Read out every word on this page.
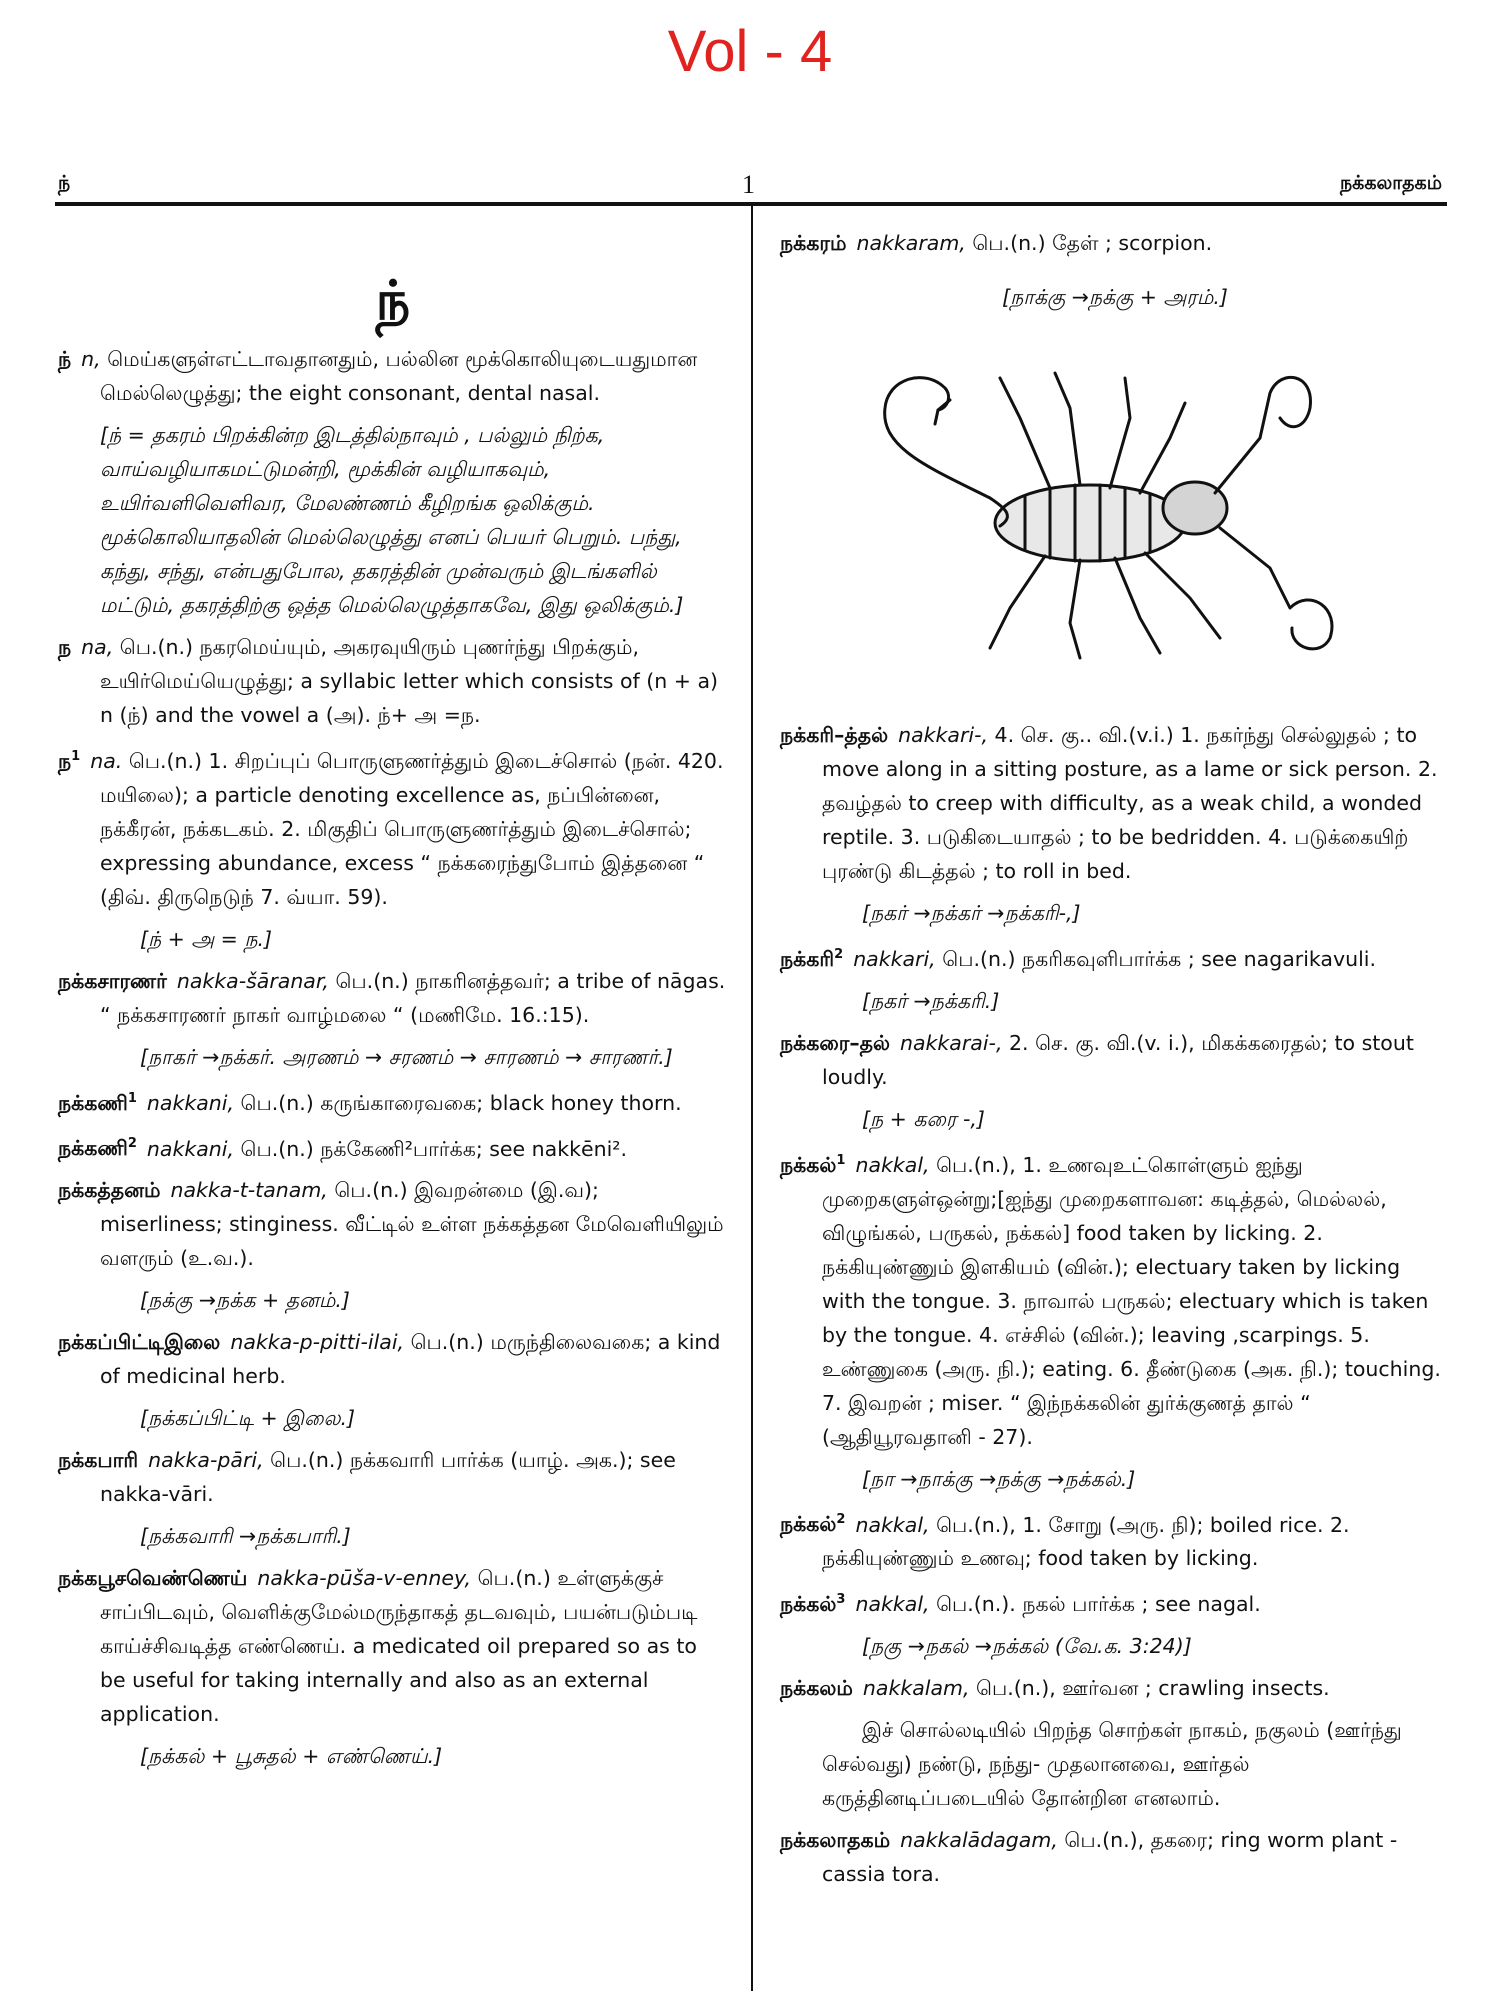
Vol - 4
ந்	1	நக்கலாதகம்
ந்
ந் n, மெய்களுள்எட்டாவதானதும், பல்லின மூக்கொலியுடையதுமான மெல்லெழுத்து; the eight consonant, dental nasal.
[ந் = தகரம் பிறக்கின்ற இடத்தில்நாவும் , பல்லும் நிற்க, வாய்வழியாகமட்டுமன்றி, மூக்கின் வழியாகவும், உயிர்வளிவெளிவர, மேலண்ணம் கீழிறங்க ஒலிக்கும். மூக்கொலியாதலின் மெல்லெழுத்து எனப் பெயர் பெறும். பந்து, கந்து, சந்து, என்பதுபோல, தகரத்தின் முன்வரும் இடங்களில் மட்டும், தகரத்திற்கு ஒத்த மெல்லெழுத்தாகவே, இது ஒலிக்கும்.]
ந na, பெ.(n.) நகரமெய்யும், அகரவுயிரும் புணர்ந்து பிறக்கும், உயிர்மெய்யெழுத்து; a syllabic letter which consists of (n + a) n (ந்) and the vowel a (அ). ந்+ அ =ந.
ந$^1$ na. பெ.(n.) 1. சிறப்புப் பொருளுணர்த்தும் இடைச்சொல் (நன். 420. மயிலை); a particle denoting excellence as, நப்பின்னை, நக்கீரன், நக்கடகம். 2. மிகுதிப் பொருளுணர்த்தும் இடைச்சொல்; expressing abundance, excess “ நக்கரைந்துபோம் இத்தனை “ (திவ். திருநெடுந் 7. வ்யா. 59).
[ந் + அ = ந.]
நக்கசாரணர் nakka-šāranar, பெ.(n.) நாகரினத்தவர்; a tribe of nāgas. “ நக்கசாரணர் நாகர் வாழ்மலை “ (மணிமே. 16.:15).
[நாகர் →நக்கர். அரணம் → சரணம் → சாரணம் → சாரணர்.]
நக்கணி$^1$ nakkani, பெ.(n.) கருங்காரைவகை; black honey thorn.
நக்கணி$^2$ nakkani, பெ.(n.) நக்கேணி²பார்க்க; see nakkēni².
நக்கத்தனம் nakka-t-tanam, பெ.(n.) இவறன்மை (இ.வ); miserliness; stinginess. வீட்டில் உள்ள நக்கத்தன மேவெளியிலும் வளரும் (உ.வ.).
[நக்கு →நக்க + தனம்.]
நக்கப்பிட்டிஇலை nakka-p-pitti-ilai, பெ.(n.) மருந்திலைவகை; a kind of medicinal herb.
[நக்கப்பிட்டி + இலை.]
நக்கபாரி nakka-pāri, பெ.(n.) நக்கவாரி பார்க்க (யாழ். அக.); see nakka-vāri.
[நக்கவாரி →நக்கபாரி.]
நக்கபூசவெண்ணெய் nakka-pūša-v-enney, பெ.(n.) உள்ளுக்குச் சாப்பிடவும், வெளிக்குமேல்மருந்தாகத் தடவவும், பயன்படும்படி காய்ச்சிவடித்த எண்ணெய். a medicated oil prepared so as to be useful for taking internally and also as an external application.
[நக்கல் + பூசுதல் + எண்ணெய்.]
நக்கரம் nakkaram, பெ.(n.) தேள் ; scorpion.
[நாக்கு →நக்கு + அரம்.]
நக்கரி–த்தல் nakkari-, 4. செ. கு.. வி.(v.i.) 1. நகர்ந்து செல்லுதல் ; to move along in a sitting posture, as a lame or sick person. 2. தவழ்தல் to creep with difficulty, as a weak child, a wonded reptile. 3. படுகிடையாதல் ; to be bedridden. 4. படுக்கையிற் புரண்டு கிடத்தல் ; to roll in bed.
[நகர் →நக்கர் →நக்கரி-,]
நக்கரி$^2$ nakkari, பெ.(n.) நகரிகவுளிபார்க்க ; see nagarikavuli.
[நகர் →நக்கரி.]
நக்கரை–தல் nakkarai-, 2. செ. கு. வி.(v. i.), மிகக்கரைதல்; to stout loudly.
[ந + கரை -,]
நக்கல்$^1$ nakkal, பெ.(n.), 1. உணவுஉட்கொள்ளும் ஐந்து முறைகளுள்ஒன்று;[ஐந்து முறைகளாவன: கடித்தல், மெல்லல், விழுங்கல், பருகல், நக்கல்] food taken by licking. 2. நக்கியுண்ணும் இளகியம் (வின்.); electuary taken by licking with the tongue. 3. நாவால் பருகல்; electuary which is taken by the tongue. 4. எச்சில் (வின்.); leaving ,scarpings. 5. உண்ணுகை (அரு. நி.); eating. 6. தீண்டுகை (அக. நி.); touching. 7. இவறன் ; miser. “ இந்நக்கலின் துர்க்குணத் தால் “ (ஆதியூரவதானி - 27).
[நா →நாக்கு →நக்கு →நக்கல்.]
நக்கல்$^2$ nakkal, பெ.(n.), 1. சோறு (அரு. நி); boiled rice. 2. நக்கியுண்ணும் உணவு; food taken by licking.
நக்கல்$^3$ nakkal, பெ.(n.). நகல் பார்க்க ; see nagal.
[நகு →நகல் →நக்கல் (வே.க. 3:24)]
நக்கலம் nakkalam, பெ.(n.), ஊர்வன ; crawling insects.
இச் சொல்லடியில் பிறந்த சொற்கள் நாகம், நகுலம் (ஊர்ந்து செல்வது) நண்டு, நந்து- முதலானவை, ஊர்தல் கருத்தினடிப்படையில் தோன்றின எனலாம்.
நக்கலாதகம் nakkalādagam, பெ.(n.), தகரை; ring worm plant - cassia tora.
